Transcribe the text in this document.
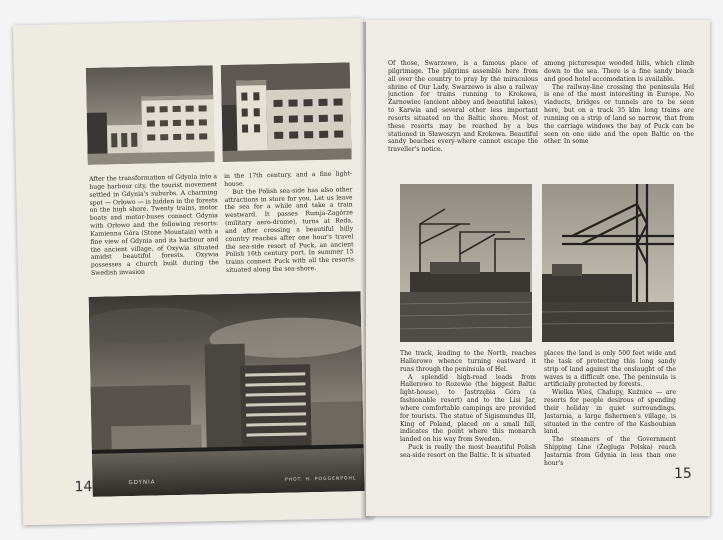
After the transformation of Gdynia into a huge harbour city, the tourist movement settled in Gdynia's suburbs. A charming spot — Orłowo — is hidden in the forests on the high shore. Twenty trains, motor boats and motor-buses connect Gdynia with Orłowo and the following resorts: Kamienna Góra (Stone Mountain) with a fine view of Gdynia and its harbour and the ancient village, of Oxywia situated amidst beautiful forests. Oxywia possesses a church built during the Swedish invasion

in the 17th century, and a fine light-house.

But the Polish sea-side has also other attractions in store for you. Let us leave the sea for a while and take a train westward. It passes Rumja-Zagórze (military aero-drome), turns at Reda, and after crossing a beautiful hilly country reaches after one hour's travel the sea-side resort of Puck, an ancient Polish 16th century port. In summer 15 trains connect Puck with all the resorts situated along the sea-shore.

GDYNIA	PHOT. H. POGGENPOHL
14

Of those, Swarzewo, is a famous place of pilgrimage. The pilgrims assemble here from all over the country to pray by the miraculous shrine of Our Lady. Swarzewo is also a railway junction for trains running to Krokowa, Żarnowiec (ancient abbey and beautiful lakes), to Karwia and several other less important resorts situated on the Baltic shore. Most of these resorts may be reached by a bus stationed in Sławoszyn and Krokowa. Beautiful sandy beaches every-where cannot escape the traveller's notice.

among picturesque wooded hills, which climb down to the sea. There is a fine sandy beach and good hotel accomodation is available.

The railway-line crossing the peninsula Hel is one of the most interesting in Europe. No viaducts, bridges or tunnels are to be seen here, but on a track 35 klm long trains are running on a strip of land so narrow, that from the carriage windows the bay of Puck can be seen on one side and the open Baltic on the other. In some

The track, leading to the North, reaches Hallerowo whence turning eastward it runs through the peninsula of Hel.

A splendid high-road leads from Hallerowo to Rozewie (the biggest Baltic light-house), to Jastrzębia Góra (a fashionable resort) and to the Lisi Jar, where comfortable campings are provided for tourists. The statue of Sigismundus III, King of Poland, placed on a small hill, indicates the point where this monarch landed on his way from Sweden.

Puck is really the most beautiful Polish sea-side resort on the Baltic. It is situated

places the land is only 500 feet wide and the task of protecting this long sandy strip of land against the onslaught of the waves is a difficult one. The peninsula is artificially protected by forests.

Wielka Wieś, Chałupy, Kuźnice — are resorts for people desirous of spending their holiday in quiet surroundings. Jastarnia, a large fishermen's village, is situated in the centre of the Kashoubian land.

The steamers of the Government Shipping Line (Żegluga Polska) reach Jastarnia from Gdynia in less than one hour's

15
